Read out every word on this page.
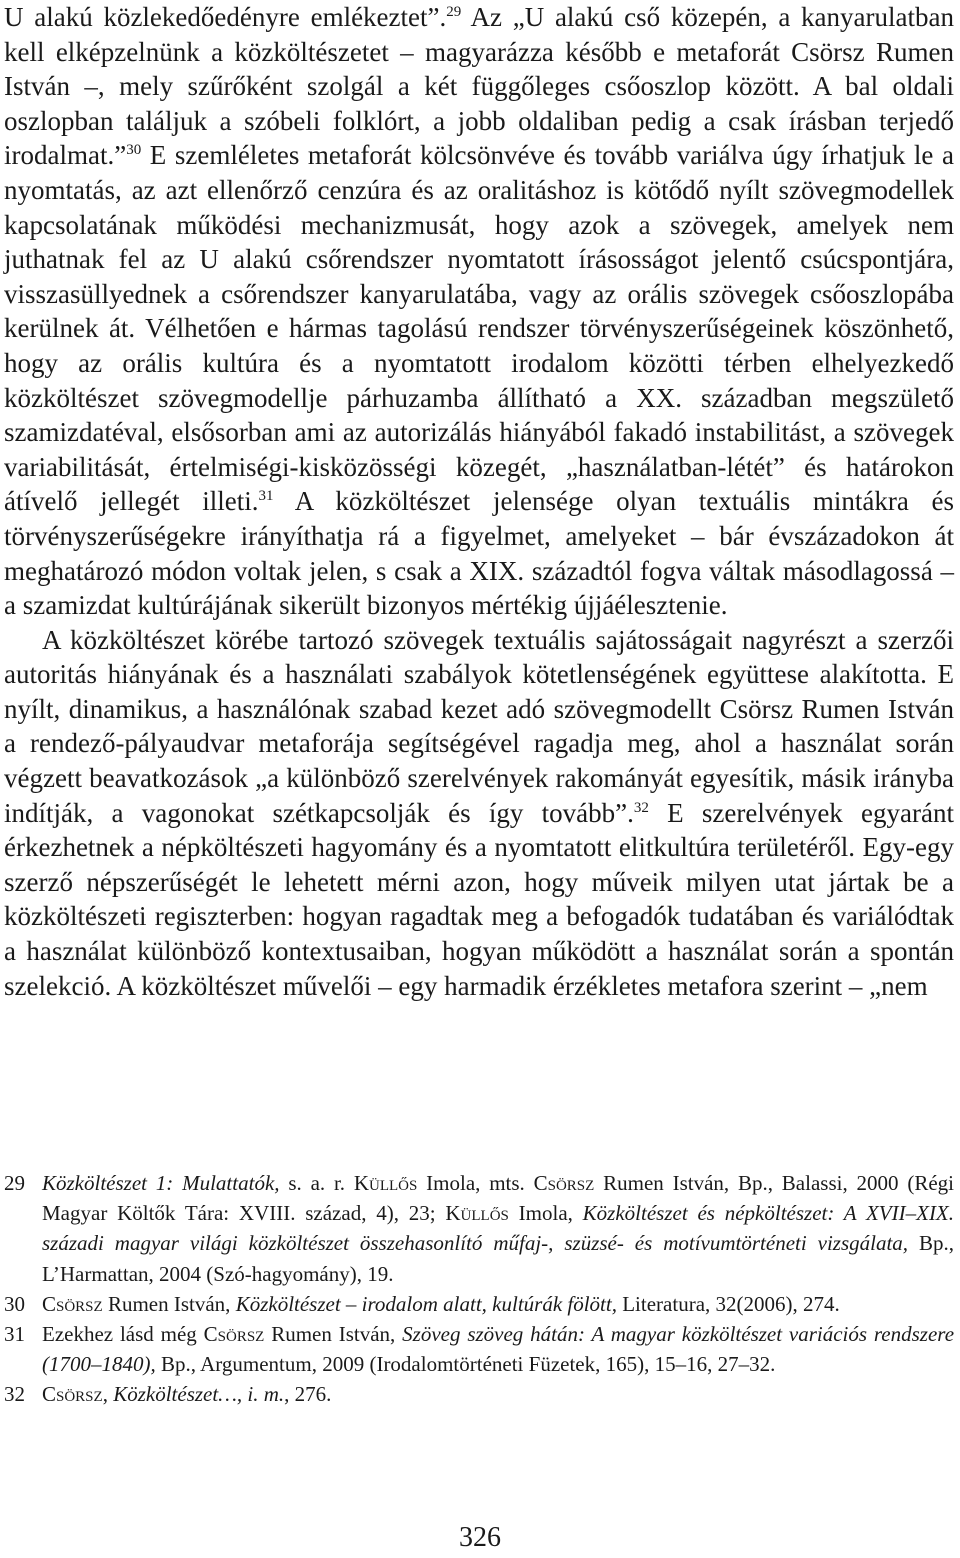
U alakú közlekedőedényre emlékeztet”.$^{29}$ Az „U alakú cső közepén, a kanyarulatban kell elképzelnünk a közköltészetet – magyarázza később e metaforát Csörsz Rumen István –, mely szűrőként szolgál a két függőleges csőoszlop között. A bal oldali oszlopban találjuk a szóbeli folklórt, a jobb oldaliban pedig a csak írásban terjedő irodalmat.”$^{30}$ E szemléletes metaforát kölcsönvéve és tovább variálva úgy írhatjuk le a nyomtatás, az azt ellenőrző cenzúra és az oralitáshoz is kötődő nyílt szövegmodellek kapcsolatának működési mechanizmusát, hogy azok a szövegek, amelyek nem juthatnak fel az U alakú csőrendszer nyomtatott írásosságot jelentő csúcspontjára, visszasüllyednek a csőrendszer kanyarulatába, vagy az orális szövegek csőoszlopába kerülnek át. Vélhetően e hármas tagolású rendszer törvényszerűségeinek köszönhető, hogy az orális kultúra és a nyomtatott irodalom közötti térben elhelyezkedő közköltészet szövegmodellje párhuzamba állítható a XX. században megszülető szamizdatéval, elsősorban ami az autorizálás hiányából fakadó instabilitást, a szövegek variabilitását, értelmiségi-kisközösségi közegét, „használatban-létét” és határokon átívelő jellegét illeti.$^{31}$ A közköltészet jelensége olyan textuális mintákra és törvényszerűségekre irányíthatja rá a figyelmet, amelyeket – bár évszázadokon át meghatározó módon voltak jelen, s csak a XIX. századtól fogva váltak másodlagossá – a szamizdat kultúrájának sikerült bizonyos mértékig újjáélesztenie.

A közköltészet körébe tartozó szövegek textuális sajátosságait nagyrészt a szerzői autoritás hiányának és a használati szabályok kötetlenségének együttese alakította. E nyílt, dinamikus, a használónak szabad kezet adó szövegmodellt Csörsz Rumen István a rendező-pályaudvar metaforája segítségével ragadja meg, ahol a használat során végzett beavatkozások „a különböző szerelvények rakományát egyesítik, másik irányba indítják, a vagonokat szétkapcsolják és így tovább”.$^{32}$ E szerelvények egyaránt érkezhetnek a népköltészeti hagyomány és a nyomtatott elitkultúra területéről. Egy-egy szerző népszerűségét le lehetett mérni azon, hogy műveik milyen utat jártak be a közköltészeti regiszterben: hogyan ragadtak meg a befogadók tudatában és variálódtak a használat különböző kontextusaiban, hogyan működött a használat során a spontán szelekció. A közköltészet művelői – egy harmadik érzékletes metafora szerint – „nem

29 Közköltészet 1: Mulattatók, s. a. r. Küllős Imola, mts. Csörsz Rumen István, Bp., Balassi, 2000 (Régi Magyar Költők Tára: XVIII. század, 4), 23; Küllős Imola, Közköltészet és népköltészet: A XVII–XIX. századi magyar világi közköltészet összehasonlító műfaj-, szüzsé- és motívumtörténeti vizsgálata, Bp., L’Harmattan, 2004 (Szó-hagyomány), 19.
30 Csörsz Rumen István, Közköltészet – irodalom alatt, kultúrák fölött, Literatura, 32(2006), 274.
31 Ezekhez lásd még Csörsz Rumen István, Szöveg szöveg hátán: A magyar közköltészet variációs rendszere (1700–1840), Bp., Argumentum, 2009 (Irodalomtörténeti Füzetek, 165), 15–16, 27–32.
32 Csörsz, Közköltészet…, i. m., 276.
326
